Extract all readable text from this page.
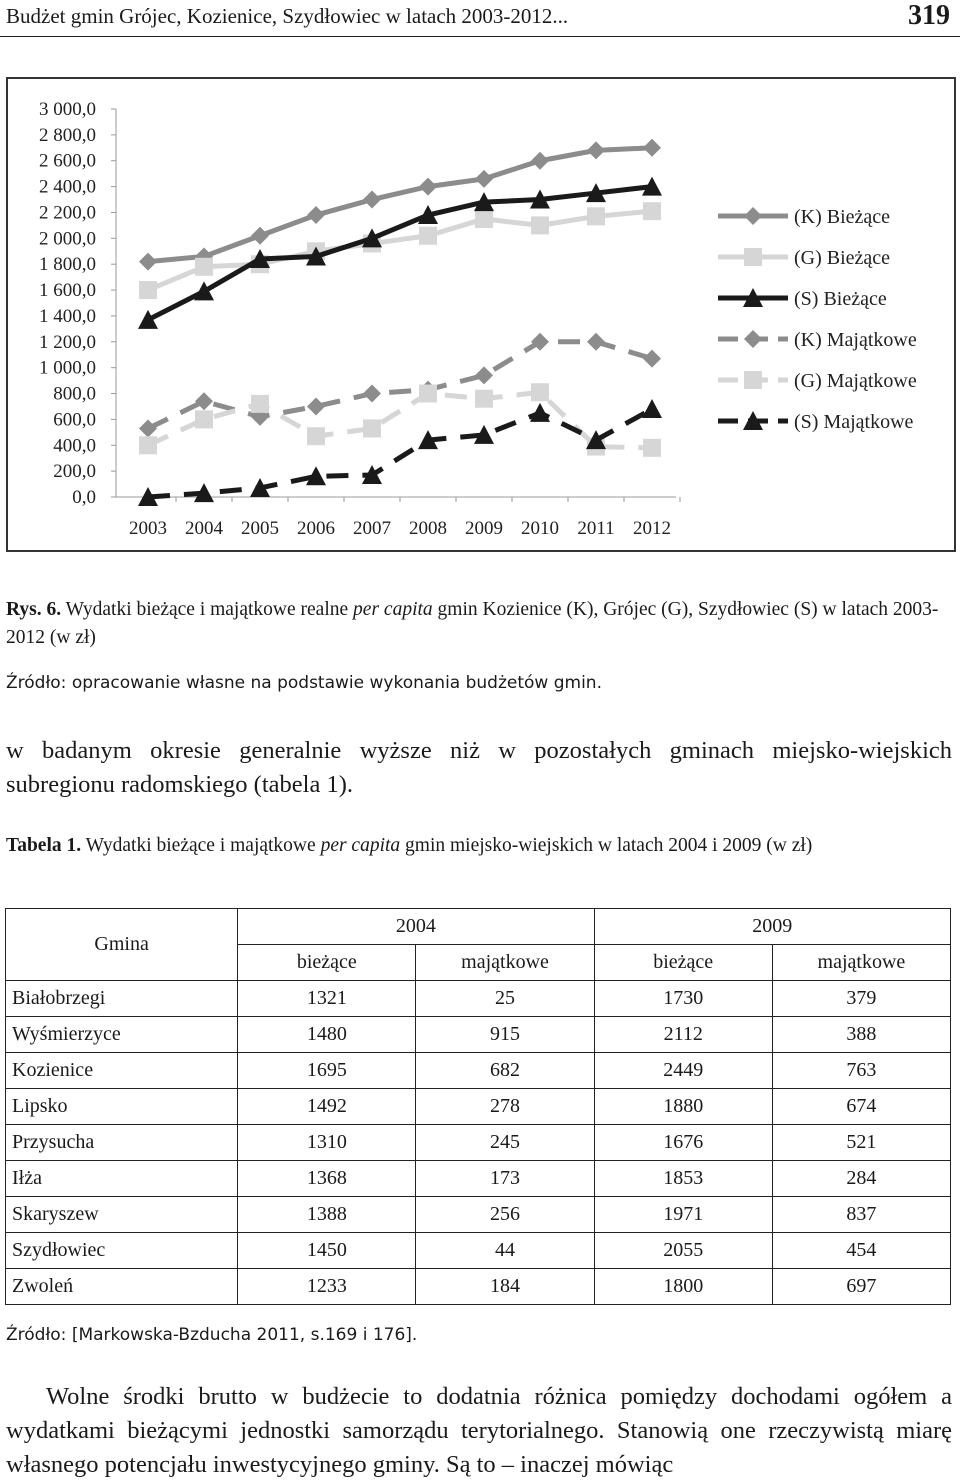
Budżet gmin Grójec, Kozienice, Szydłowiec w latach 2003-2012...	319
0,0
200,0
400,0
600,0
800,0
1 000,0
1 200,0
1 400,0
1 600,0
1 800,0
2 000,0
2 200,0
2 400,0
2 600,0
2 800,0
3 000,0
2003 2004 2005 2006 2007 2008 2009 2010 2011 2012
(K) Bieżące
(G) Bieżące
(S) Bieżące
(K) Majątkowe
(G) Majątkowe
(S) Majątkowe
Rys. 6. Wydatki bieżące i majątkowe realne per capita gmin Kozienice (K), Grójec (G), Szydłowiec (S) w latach 2003-2012 (w zł)
Źródło: opracowanie własne na podstawie wykonania budżetów gmin.
w badanym okresie generalnie wyższe niż w pozostałych gminach miejsko-wiejskich subregionu radomskiego (tabela 1).
Tabela 1. Wydatki bieżące i majątkowe per capita gmin miejsko-wiejskich w latach 2004 i 2009 (w zł)
Gmina	2004		2009	
	bieżące	majątkowe	bieżące	majątkowe
Białobrzegi	1321	25	1730	379
Wyśmierzyce	1480	915	2112	388
Kozienice	1695	682	2449	763
Lipsko	1492	278	1880	674
Przysucha	1310	245	1676	521
Iłża	1368	173	1853	284
Skaryszew	1388	256	1971	837
Szydłowiec	1450	44	2055	454
Zwoleń	1233	184	1800	697
Źródło: [Markowska-Bzducha 2011, s.169 i 176].
Wolne środki brutto w budżecie to dodatnia różnica pomiędzy dochodami ogółem a wydatkami bieżącymi jednostki samorządu terytorialnego. Stanowią one rzeczywistą miarę własnego potencjału inwestycyjnego gminy. Są to – inaczej mówiąc
